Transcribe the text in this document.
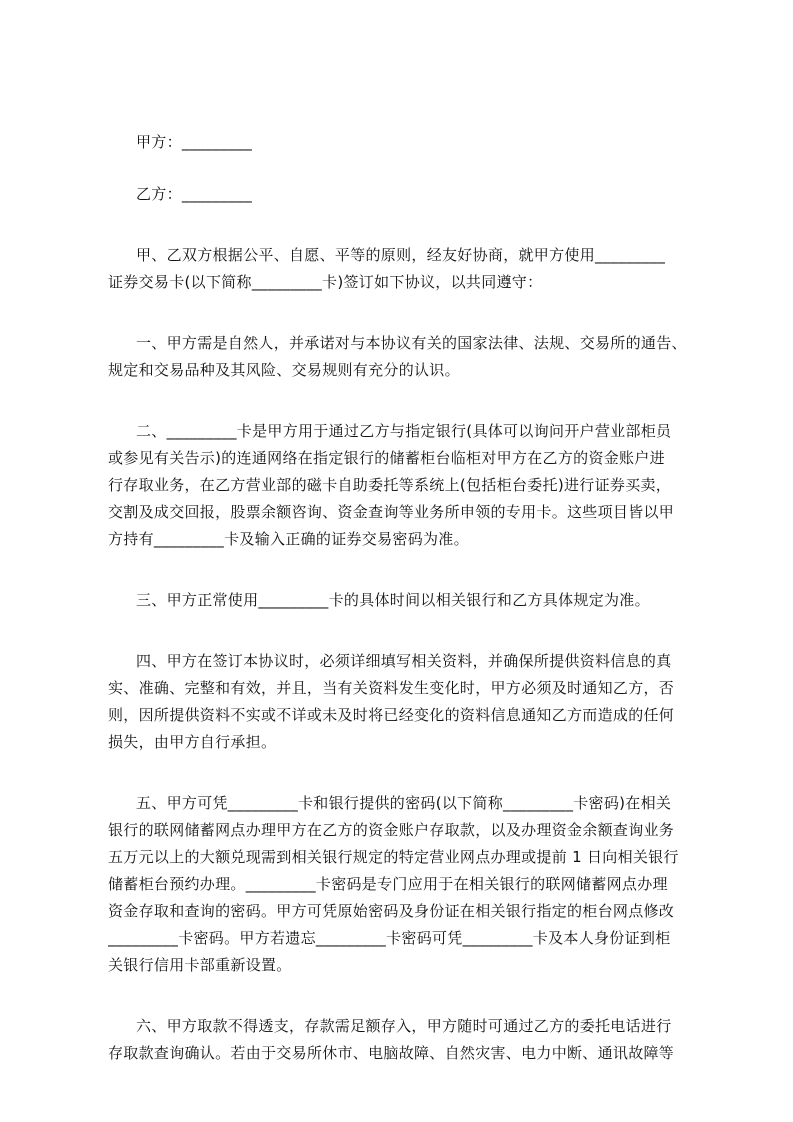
甲方：_________
乙方：_________
甲、乙双方根据公平、自愿、平等的原则，经友好协商，就甲方使用_________
证券交易卡(以下简称_________卡)签订如下协议，以共同遵守：
一、甲方需是自然人，并承诺对与本协议有关的国家法律、法规、交易所的通告、
规定和交易品种及其风险、交易规则有充分的认识。
二、_________卡是甲方用于通过乙方与指定银行(具体可以询问开户营业部柜员
或参见有关告示)的连通网络在指定银行的储蓄柜台临柜对甲方在乙方的资金账户进
行存取业务，在乙方营业部的磁卡自助委托等系统上(包括柜台委托)进行证券买卖，
交割及成交回报，股票余额咨询、资金查询等业务所申领的专用卡。这些项目皆以甲
方持有_________卡及输入正确的证券交易密码为准。
三、甲方正常使用_________卡的具体时间以相关银行和乙方具体规定为准。
四、甲方在签订本协议时，必须详细填写相关资料，并确保所提供资料信息的真
实、准确、完整和有效，并且，当有关资料发生变化时，甲方必须及时通知乙方，否
则，因所提供资料不实或不详或未及时将已经变化的资料信息通知乙方而造成的任何
损失，由甲方自行承担。
五、甲方可凭_________卡和银行提供的密码(以下简称_________卡密码)在相关
银行的联网储蓄网点办理甲方在乙方的资金账户存取款，以及办理资金余额查询业务
五万元以上的大额兑现需到相关银行规定的特定营业网点办理或提前 1 日向相关银行
储蓄柜台预约办理。_________卡密码是专门应用于在相关银行的联网储蓄网点办理
资金存取和查询的密码。甲方可凭原始密码及身份证在相关银行指定的柜台网点修改
_________卡密码。甲方若遗忘_________卡密码可凭_________卡及本人身份证到柜
关银行信用卡部重新设置。
六、甲方取款不得透支，存款需足额存入，甲方随时可通过乙方的委托电话进行
存取款查询确认。若由于交易所休市、电脑故障、自然灾害、电力中断、通讯故障等
